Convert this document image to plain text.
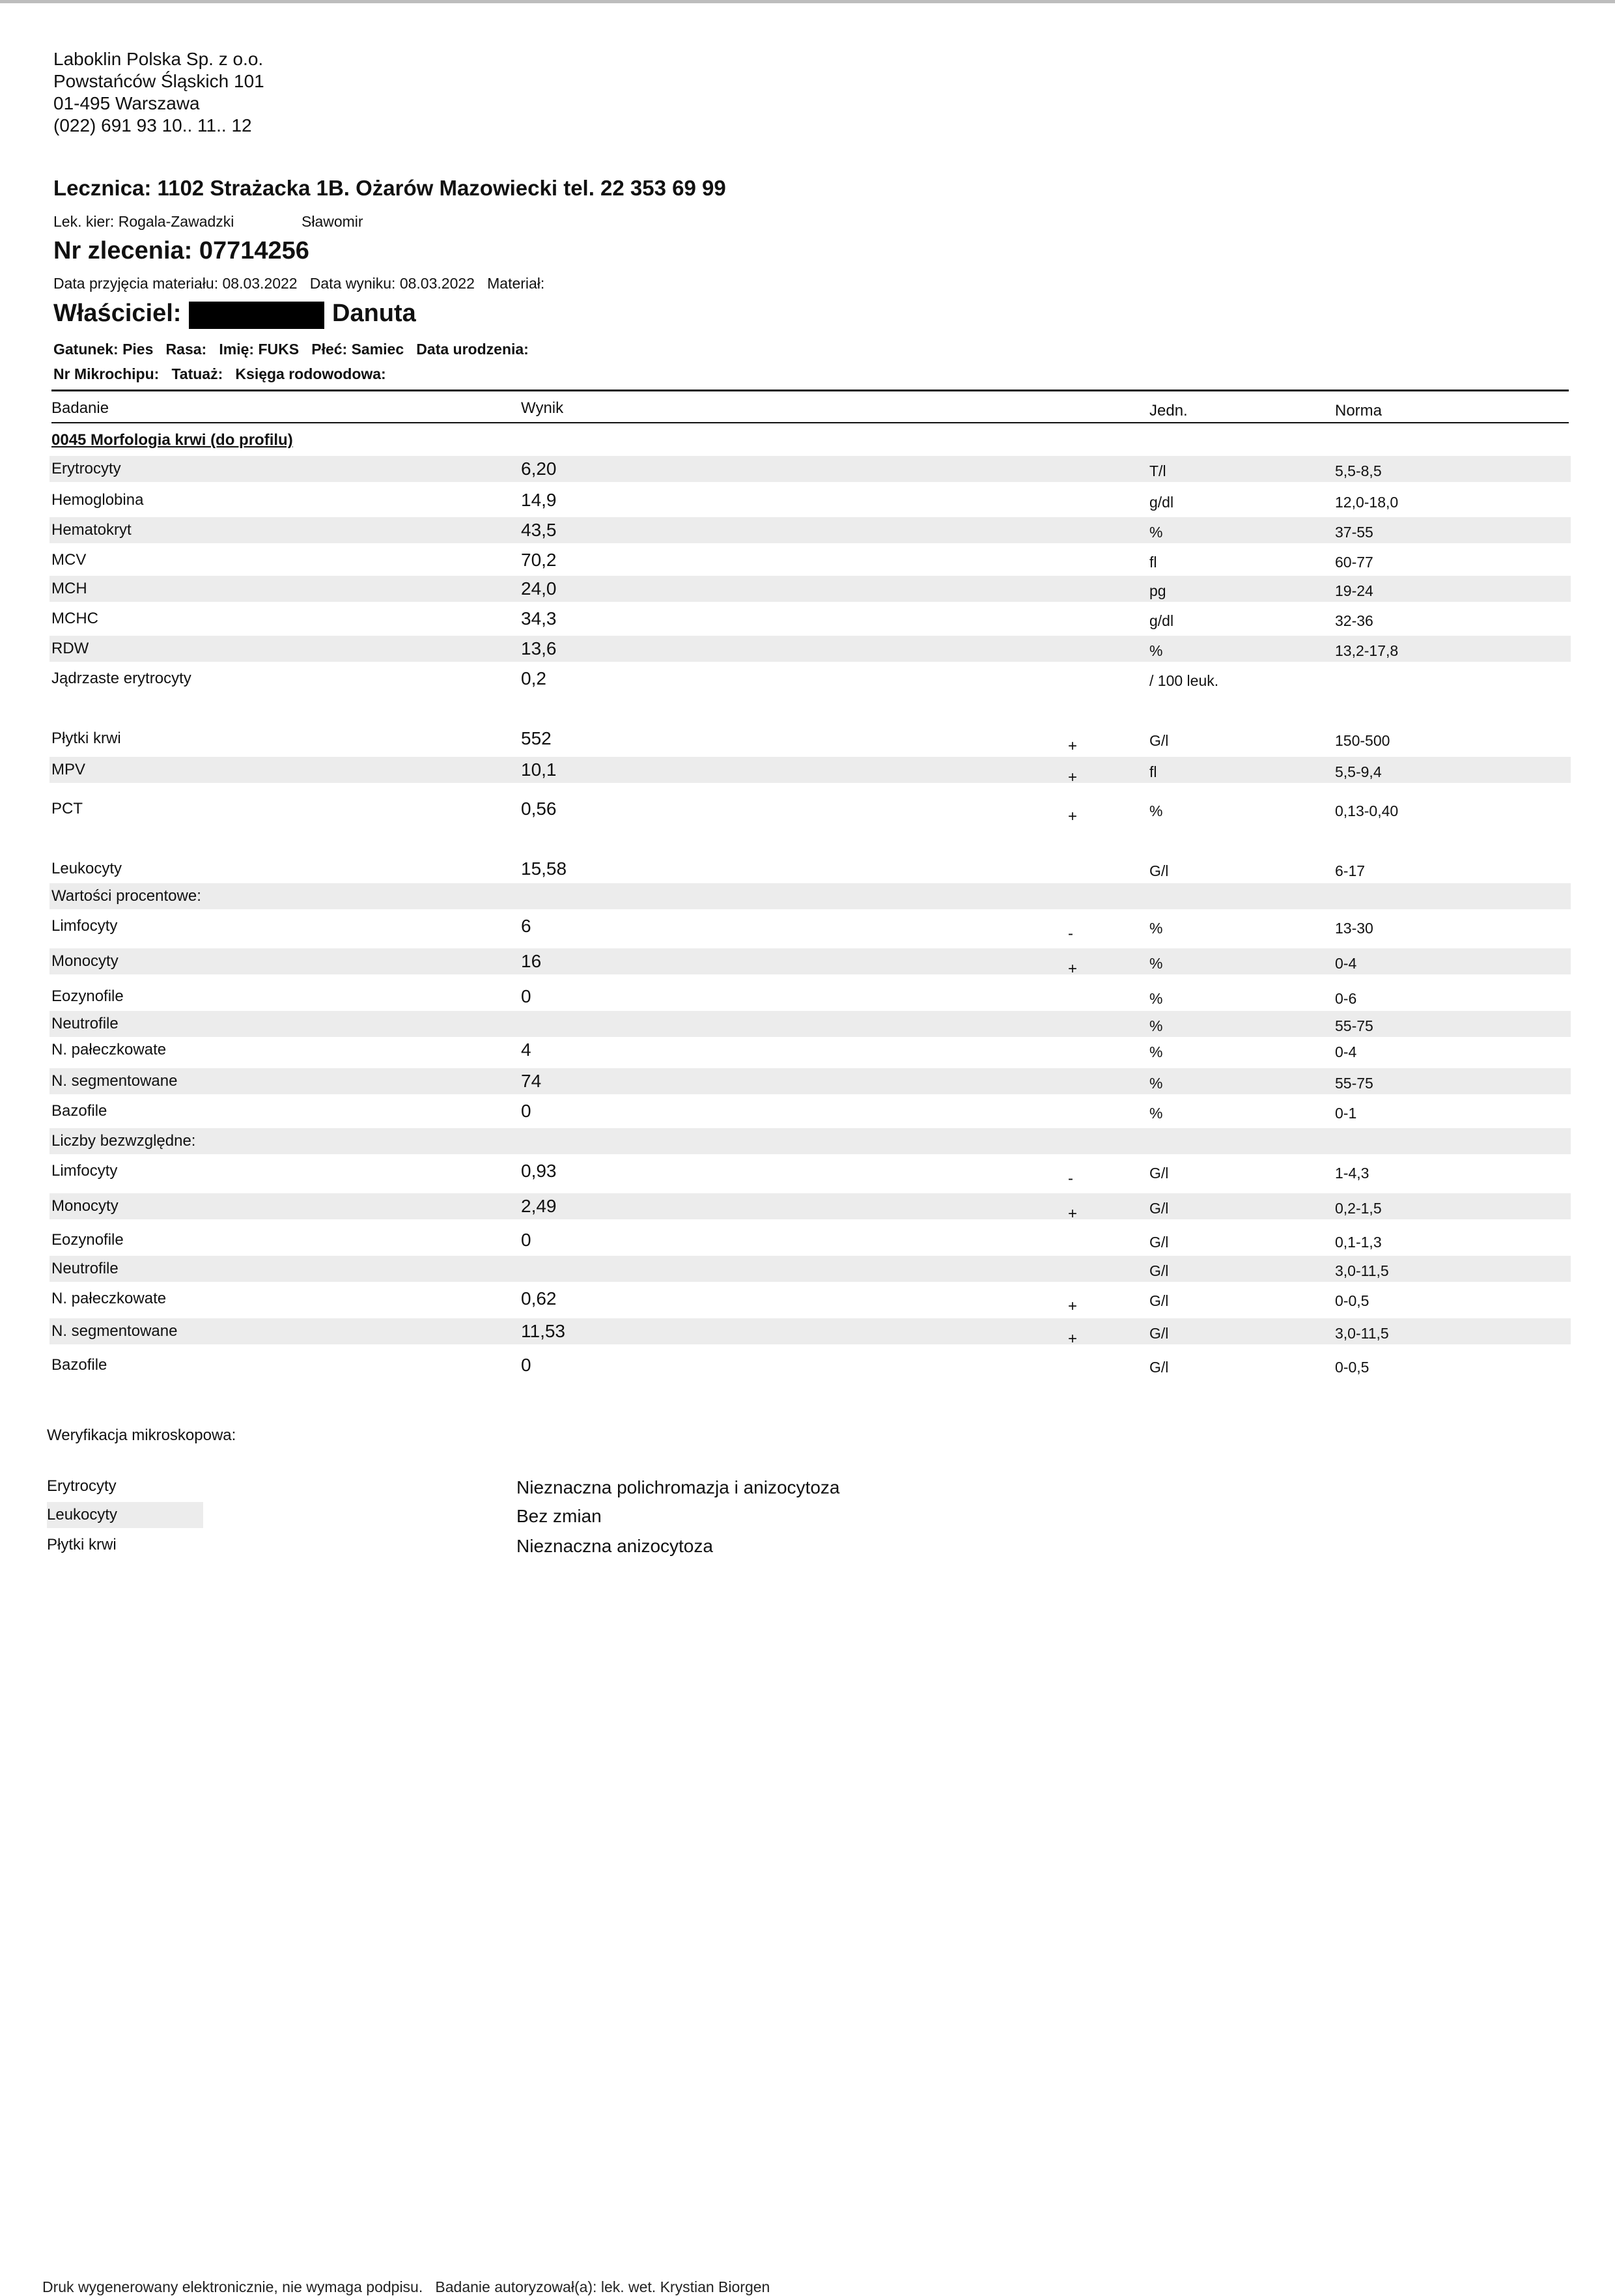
Laboklin Polska Sp. z o.o.
Powstańców Śląskich 101
01-495 Warszawa
(022) 691 93 10.. 11.. 12
Lecznica: 1102 Strażacka 1B. Ożarów Mazowiecki tel. 22 353 69 99
Lek. kier: Rogala-Zawadzki	Sławomir
Nr zlecenia: 07714256
Data przyjęcia materiału: 08.03.2022   Data wyniku: 08.03.2022   Materiał:
Właściciel:	Danuta
Gatunek: Pies   Rasa:   Imię: FUKS   Płeć: Samiec   Data urodzenia:
Nr Mikrochipu:   Tatuaż:   Księga rodowodowa:
Badanie	Wynik	Jedn.	Norma
0045 Morfologia krwi (do profilu)
Erytrocyty	6,20	T/l	5,5-8,5
Hemoglobina	14,9	g/dl	12,0-18,0
Hematokryt	43,5	%	37-55
MCV	70,2	fl	60-77
MCH	24,0	pg	19-24
MCHC	34,3	g/dl	32-36
RDW	13,6	%	13,2-17,8
Jądrzaste erytrocyty	0,2	/ 100 leuk.
Płytki krwi	552	+	G/l	150-500
MPV	10,1	+	fl	5,5-9,4
PCT	0,56	+	%	0,13-0,40
Leukocyty	15,58	G/l	6-17
Wartości procentowe:
Limfocyty	6	-	%	13-30
Monocyty	16	+	%	0-4
Eozynofile	0	%	0-6
Neutrofile	%	55-75
N. pałeczkowate	4	%	0-4
N. segmentowane	74	%	55-75
Bazofile	0	%	0-1
Liczby bezwzględne:
Limfocyty	0,93	-	G/l	1-4,3
Monocyty	2,49	+	G/l	0,2-1,5
Eozynofile	0	G/l	0,1-1,3
Neutrofile	G/l	3,0-11,5
N. pałeczkowate	0,62	+	G/l	0-0,5
N. segmentowane	11,53	+	G/l	3,0-11,5
Bazofile	0	G/l	0-0,5
Weryfikacja mikroskopowa:
Erytrocyty	Nieznaczna polichromazja i anizocytoza
Leukocyty	Bez zmian
Płytki krwi	Nieznaczna anizocytoza
Druk wygenerowany elektronicznie, nie wymaga podpisu.   Badanie autoryzował(a): lek. wet. Krystian Biorgen
